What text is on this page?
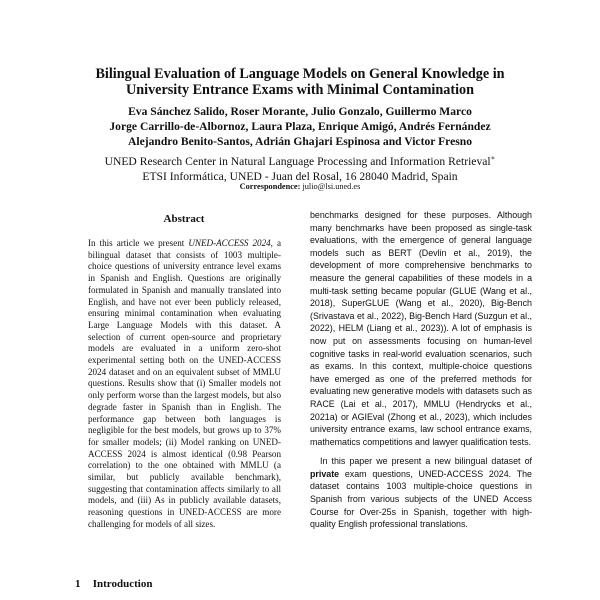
Bilingual Evaluation of Language Models on General Knowledge in
University Entrance Exams with Minimal Contamination
Eva Sánchez Salido, Roser Morante, Julio Gonzalo, Guillermo Marco
Jorge Carrillo-de-Albornoz, Laura Plaza, Enrique Amigó, Andrés Fernández
Alejandro Benito-Santos, Adrián Ghajari Espinosa and Victor Fresno
UNED Research Center in Natural Language Processing and Information Retrieval∗
ETSI Informática, UNED - Juan del Rosal, 16 28040 Madrid, Spain
Correspondence: julio@lsi.uned.es
Abstract

In this article we present UNED-ACCESS 2024, a bilingual dataset that consists of 1003 multiple-choice questions of university entrance level exams in Spanish and English. Questions are originally formulated in Spanish and manually translated into English, and have not ever been publicly released, ensuring minimal contamination when evaluating Large Language Models with this dataset. A selection of current open-source and proprietary models are evaluated in a uniform zero-shot experimental setting both on the UNED-ACCESS 2024 dataset and on an equivalent subset of MMLU questions. Results show that (i) Smaller models not only perform worse than the largest models, but also degrade faster in Spanish than in English. The performance gap between both languages is negligible for the best models, but grows up to 37% for smaller models; (ii) Model ranking on UNED-ACCESS 2024 is almost identical (0.98 Pearson correlation) to the one obtained with MMLU (a similar, but publicly available benchmark), suggesting that contamination affects similarly to all models, and (iii) As in publicly available datasets, reasoning questions in UNED-ACCESS are more challenging for models of all sizes.

1 Introduction

benchmarks designed for these purposes. Although many benchmarks have been proposed as single-task evaluations, with the emergence of general language models such as BERT (Devlin et al., 2019), the development of more comprehensive benchmarks to measure the general capabilities of these models in a multi-task setting became popular (GLUE (Wang et al., 2018), SuperGLUE (Wang et al., 2020), Big-Bench (Srivastava et al., 2022), Big-Bench Hard (Suzgun et al., 2022), HELM (Liang et al., 2023)). A lot of emphasis is now put on assessments focusing on human-level cognitive tasks in real-world evaluation scenarios, such as exams. In this context, multiple-choice questions have emerged as one of the preferred methods for evaluating new generative models with datasets such as RACE (Lai et al., 2017), MMLU (Hendrycks et al., 2021a) or AGIEval (Zhong et al., 2023), which includes university entrance exams, law school entrance exams, mathematics competitions and lawyer qualification tests.

In this paper we present a new bilingual dataset of private exam questions, UNED-ACCESS 2024. The dataset contains 1003 multiple-choice questions in Spanish from various subjects of the UNED Access Course for Over-25s in Spanish, together with high-quality English professional translations.
